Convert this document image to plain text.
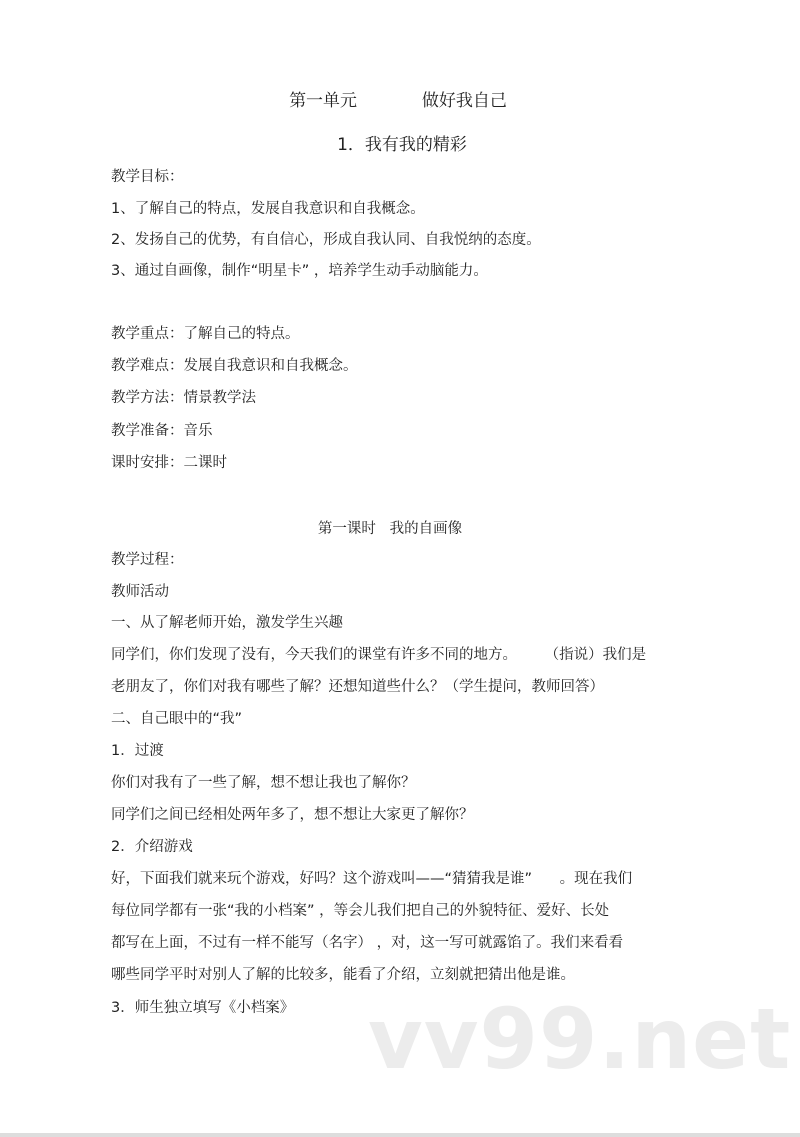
vv99.net
第一单元            做好我自己
1．我有我的精彩
教学目标：
1、了解自己的特点，发展自我意识和自我概念。
2、发扬自己的优势，有自信心，形成自我认同、自我悦纳的态度。
3、通过自画像，制作“明星卡” ，培养学生动手动脑能力。
教学重点：了解自己的特点。
教学难点：发展自我意识和自我概念。
教学方法：情景教学法
教学准备：音乐
课时安排：二课时
第一课时   我的自画像
教学过程：
教师活动
一、从了解老师开始，激发学生兴趣
同学们，你们发现了没有，今天我们的课堂有许多不同的地方。      （指说）我们是
老朋友了，你们对我有哪些了解？还想知道些什么？（学生提问，教师回答）
二、自己眼中的“我”
1．过渡
你们对我有了一些了解，想不想让我也了解你？
同学们之间已经相处两年多了，想不想让大家更了解你？
2．介绍游戏
好，下面我们就来玩个游戏，好吗？这个游戏叫——“猜猜我是谁”      。现在我们
每位同学都有一张“我的小档案” ，等会儿我们把自己的外貌特征、爱好、长处
都写在上面，不过有一样不能写（名字） ，对，这一写可就露馅了。我们来看看
哪些同学平时对别人了解的比较多，能看了介绍，立刻就把猜出他是谁。
3．师生独立填写《小档案》
